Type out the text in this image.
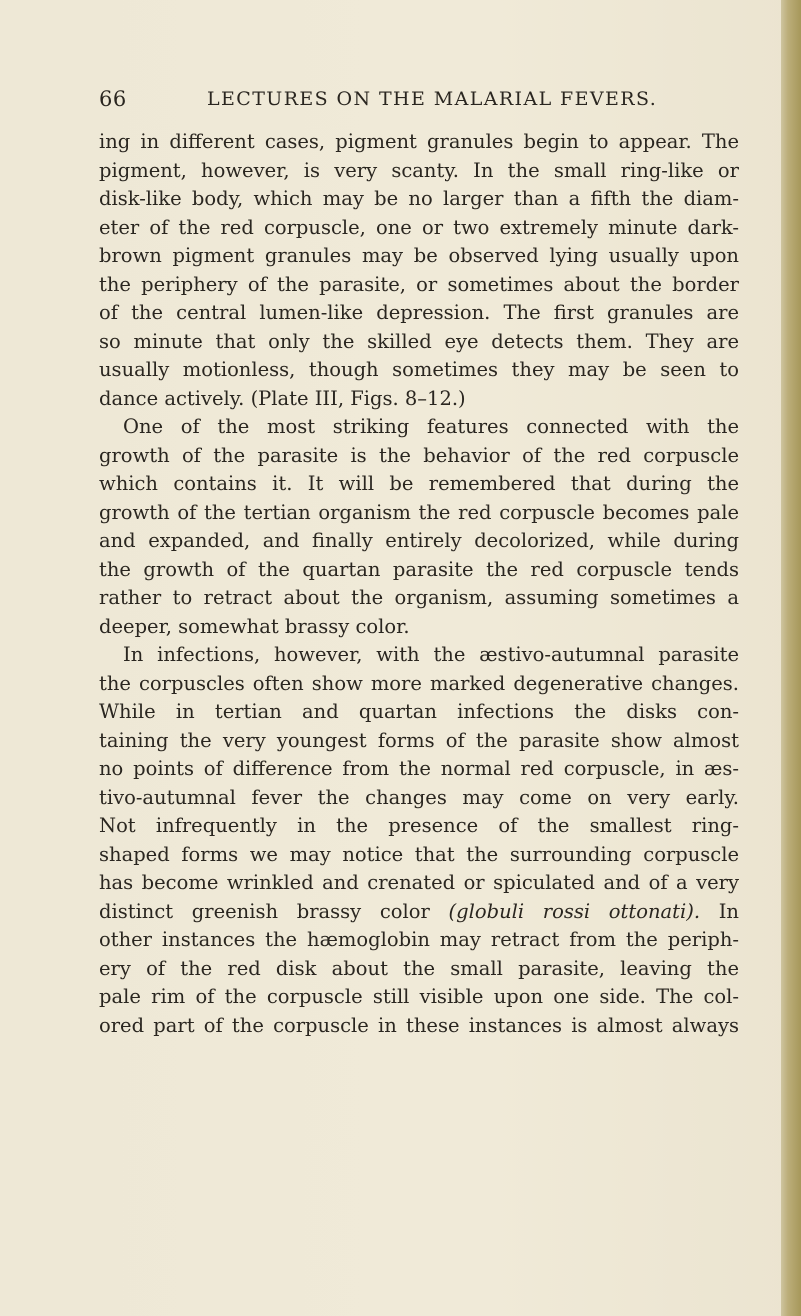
66	LECTURES ON THE MALARIAL FEVERS.
ing in different cases, pigment granules begin to appear. The
pigment, however, is very scanty. In the small ring-like or
disk-like body, which may be no larger than a fifth the diam-
eter of the red corpuscle, one or two extremely minute dark-
brown pigment granules may be observed lying usually upon
the periphery of the parasite, or sometimes about the border
of the central lumen-like depression. The first granules are
so minute that only the skilled eye detects them. They are
usually motionless, though sometimes they may be seen to
dance actively. (Plate III, Figs. 8–12.)
One of the most striking features connected with the
growth of the parasite is the behavior of the red corpuscle
which contains it. It will be remembered that during the
growth of the tertian organism the red corpuscle becomes pale
and expanded, and finally entirely decolorized, while during
the growth of the quartan parasite the red corpuscle tends
rather to retract about the organism, assuming sometimes a
deeper, somewhat brassy color.
In infections, however, with the æstivo-autumnal parasite
the corpuscles often show more marked degenerative changes.
While in tertian and quartan infections the disks con-
taining the very youngest forms of the parasite show almost
no points of difference from the normal red corpuscle, in æs-
tivo-autumnal fever the changes may come on very early.
Not infrequently in the presence of the smallest ring-
shaped forms we may notice that the surrounding corpuscle
has become wrinkled and crenated or spiculated and of a very
distinct greenish brassy color (globuli rossi ottonati). In
other instances the hæmoglobin may retract from the periph-
ery of the red disk about the small parasite, leaving the
pale rim of the corpuscle still visible upon one side. The col-
ored part of the corpuscle in these instances is almost always
